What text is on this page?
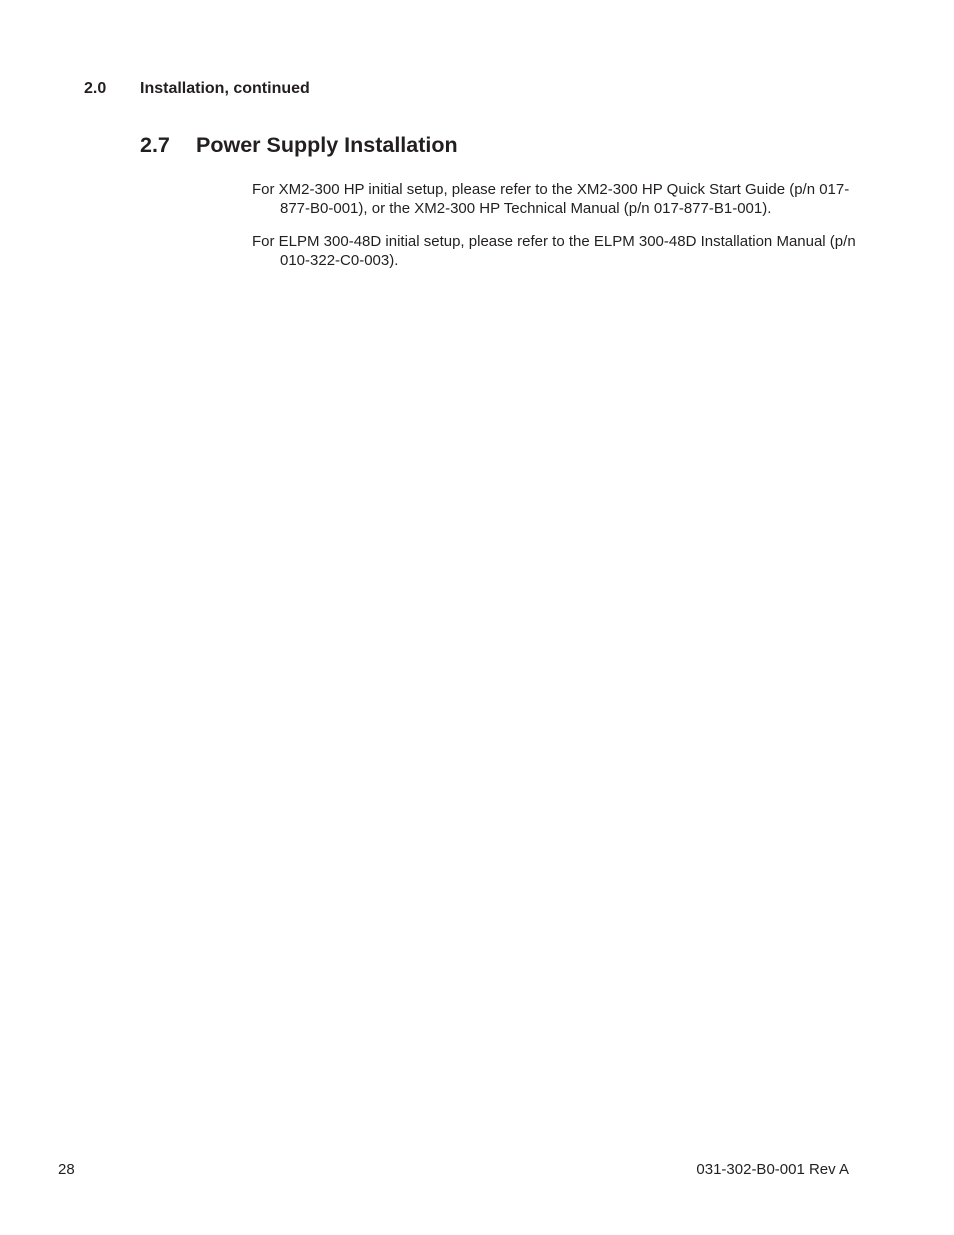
2.0 Installation, continued
2.7 Power Supply Installation

For XM2-300 HP initial setup, please refer to the XM2-300 HP Quick Start Guide (p/n 017-877-B0-001), or the XM2-300 HP Technical Manual (p/n 017-877-B1-001).

For ELPM 300-48D initial setup, please refer to the ELPM 300-48D Installation Manual (p/n 010-322-C0-003).

28	031-302-B0-001 Rev A
